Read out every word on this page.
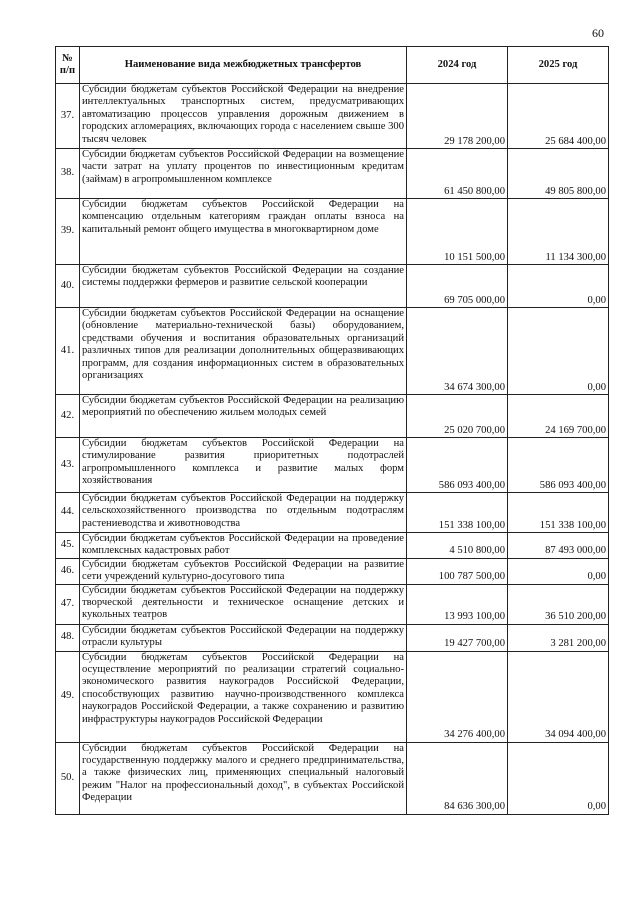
60
№ п/п	Наименование вида межбюджетных трансфертов	2024 год	2025 год
37.	Субсидии бюджетам субъектов Российской Федерации на внедрение интеллектуальных транспортных систем, предусматривающих автоматизацию процессов управления дорожным движением в городских агломерациях, включающих города с населением свыше 300 тысяч человек	29 178 200,00	25 684 400,00
38.	Субсидии бюджетам субъектов Российской Федерации на возмещение части затрат на уплату процентов по инвестиционным кредитам (займам) в агропромышленном комплексе	61 450 800,00	49 805 800,00
39.	Субсидии бюджетам субъектов Российской Федерации на компенсацию отдельным категориям граждан оплаты взноса на капитальный ремонт общего имущества в многоквартирном доме	10 151 500,00	11 134 300,00
40.	Субсидии бюджетам субъектов Российской Федерации на создание системы поддержки фермеров и развитие сельской кооперации	69 705 000,00	0,00
41.	Субсидии бюджетам субъектов Российской Федерации на оснащение (обновление материально-технической базы) оборудованием, средствами обучения и воспитания образовательных организаций различных типов для реализации дополнительных общеразвивающих программ, для создания информационных систем в образовательных организациях	34 674 300,00	0,00
42.	Субсидии бюджетам субъектов Российской Федерации на реализацию мероприятий по обеспечению жильем молодых семей	25 020 700,00	24 169 700,00
43.	Субсидии бюджетам субъектов Российской Федерации на стимулирование развития приоритетных подотраслей агропромышленного комплекса и развитие малых форм хозяйствования	586 093 400,00	586 093 400,00
44.	Субсидии бюджетам субъектов Российской Федерации на поддержку сельскохозяйственного производства по отдельным подотраслям растениеводства и животноводства	151 338 100,00	151 338 100,00
45.	Субсидии бюджетам субъектов Российской Федерации на проведение комплексных кадастровых работ	4 510 800,00	87 493 000,00
46.	Субсидии бюджетам субъектов Российской Федерации на развитие сети учреждений культурно-досугового типа	100 787 500,00	0,00
47.	Субсидии бюджетам субъектов Российской Федерации на поддержку творческой деятельности и техническое оснащение детских и кукольных театров	13 993 100,00	36 510 200,00
48.	Субсидии бюджетам субъектов Российской Федерации на поддержку отрасли культуры	19 427 700,00	3 281 200,00
49.	Субсидии бюджетам субъектов Российской Федерации на осуществление мероприятий по реализации стратегий социально-экономического развития наукоградов Российской Федерации, способствующих развитию научно-производственного комплекса наукоградов Российской Федерации, а также сохранению и развитию инфраструктуры наукоградов Российской Федерации	34 276 400,00	34 094 400,00
50.	Субсидии бюджетам субъектов Российской Федерации на государственную поддержку малого и среднего предпринимательства, а также физических лиц, применяющих специальный налоговый режим "Налог на профессиональный доход", в субъектах Российской Федерации	84 636 300,00	0,00
